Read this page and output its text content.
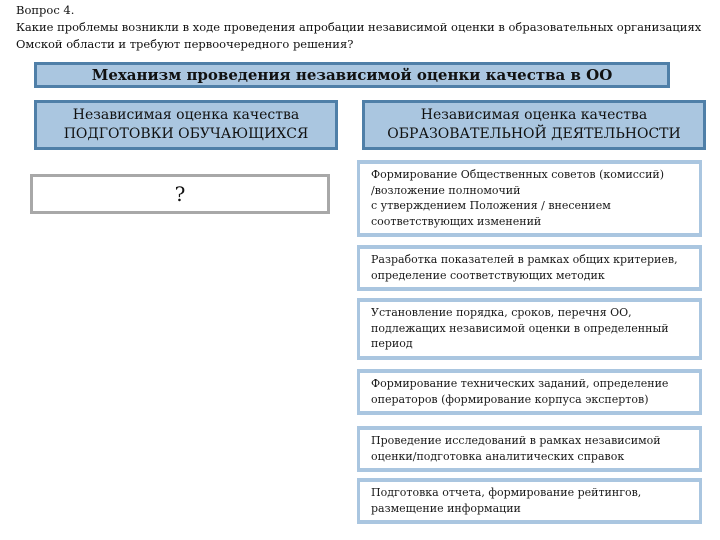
Вопрос 4.
Какие проблемы возникли в ходе проведения апробации независимой оценки в образовательных организациях
Омской области и требуют первоочередного решения?
Механизм проведения независимой оценки качества в ОО
Независимая оценка качества
ПОДГОТОВКИ ОБУЧАЮЩИХСЯ
Независимая оценка качества
ОБРАЗОВАТЕЛЬНОЙ ДЕЯТЕЛЬНОСТИ
?
Формирование Общественных советов (комиссий)
/возложение полномочий
с утверждением Положения / внесением
соответствующих изменений
Разработка показателей в рамках общих критериев,
определение соответствующих методик
Установление порядка, сроков, перечня ОО,
подлежащих независимой оценки в определенный
период
Формирование технических заданий, определение
операторов (формирование корпуса экспертов)
Проведение исследований в рамках независимой
оценки/подготовка аналитических справок
Подготовка отчета, формирование рейтингов,
размещение информации
